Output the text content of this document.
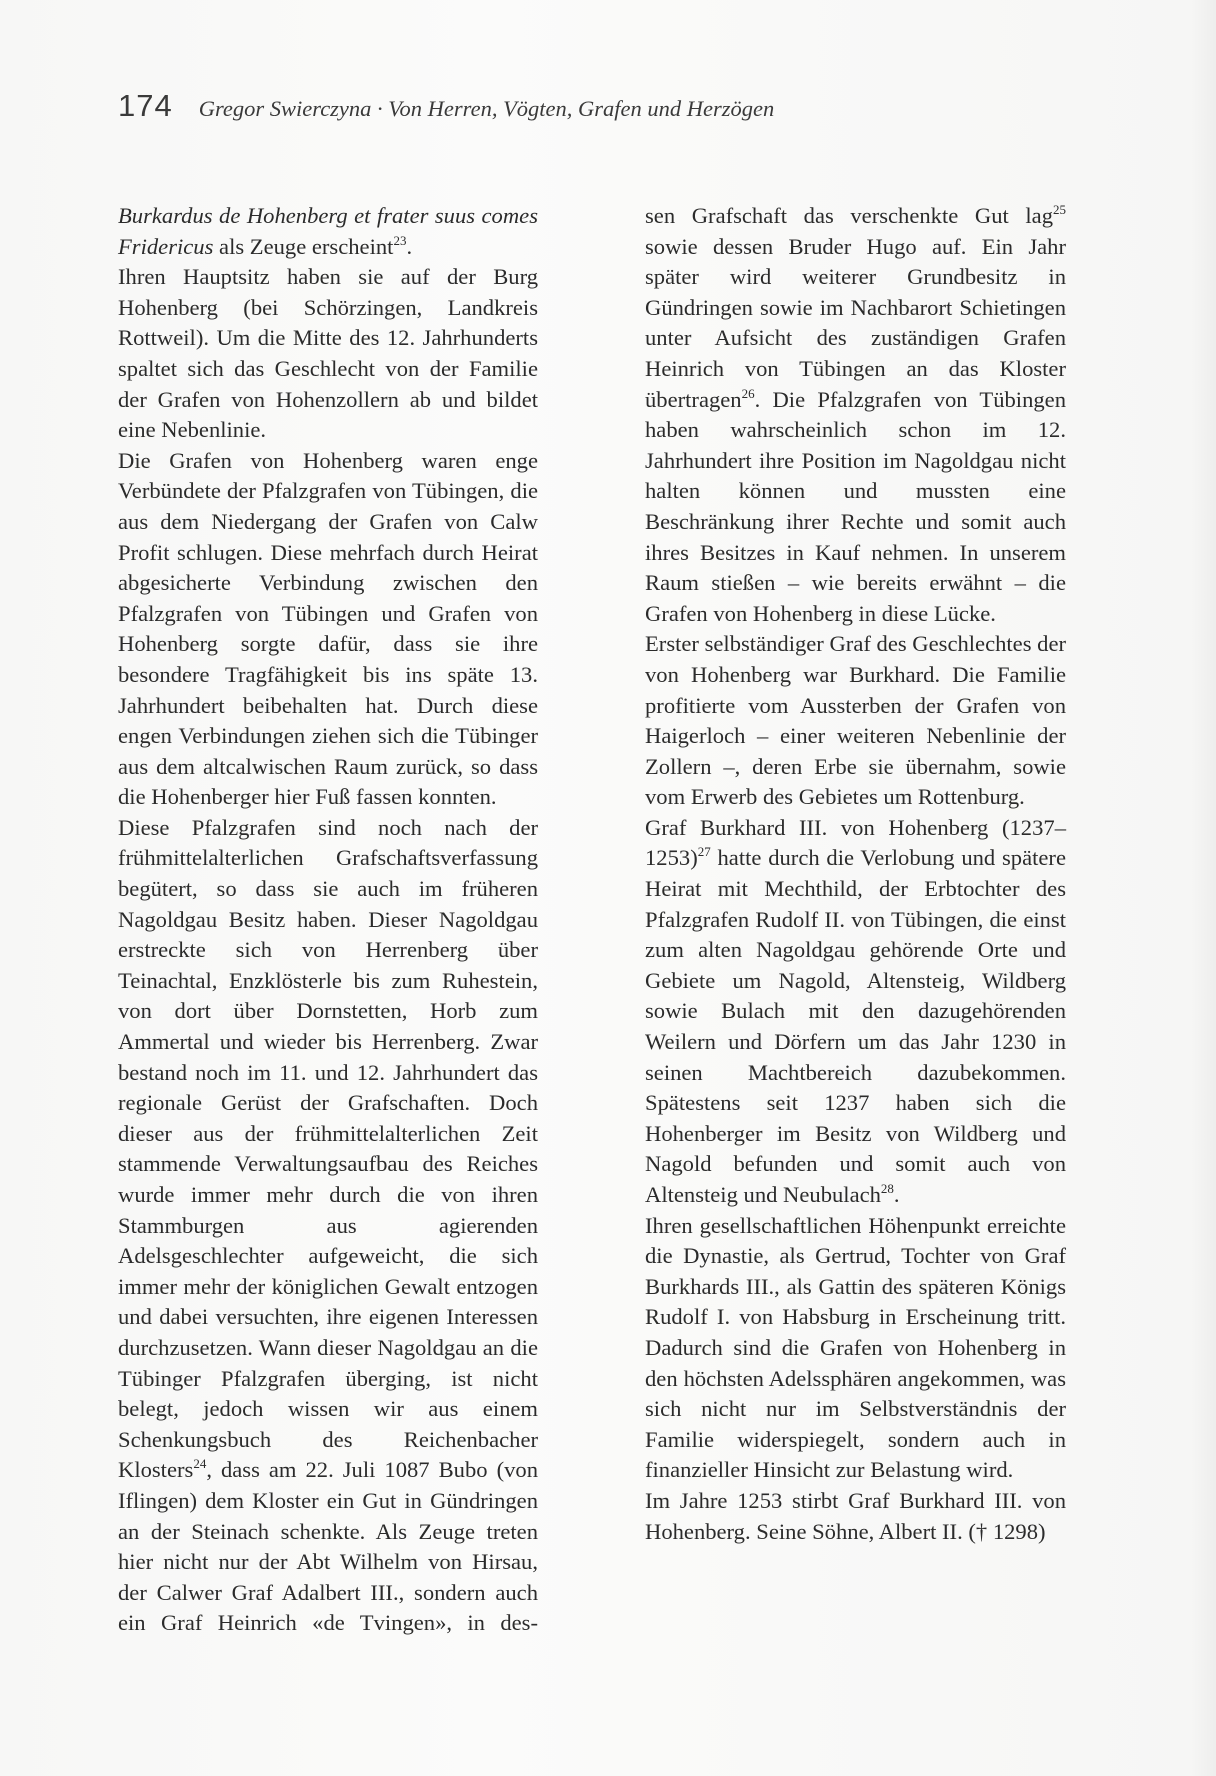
174 Gregor Swierczyna · Von Herren, Vögten, Grafen und Herzögen

Burkardus de Hohenberg et frater suus comes Fridericus als Zeuge erscheint$^{23}$.

Ihren Hauptsitz haben sie auf der Burg Hohenberg (bei Schörzingen, Landkreis Rottweil). Um die Mitte des 12. Jahrhunderts spaltet sich das Geschlecht von der Familie der Grafen von Hohenzollern ab und bildet eine Nebenlinie.

Die Grafen von Hohenberg waren enge Verbündete der Pfalzgrafen von Tübingen, die aus dem Niedergang der Grafen von Calw Profit schlugen. Diese mehrfach durch Heirat abgesicherte Verbindung zwischen den Pfalzgrafen von Tübingen und Grafen von Hohenberg sorgte dafür, dass sie ihre besondere Tragfähigkeit bis ins späte 13. Jahrhundert beibehalten hat. Durch diese engen Verbindungen ziehen sich die Tübinger aus dem altcalwischen Raum zurück, so dass die Hohenberger hier Fuß fassen konnten.

Diese Pfalzgrafen sind noch nach der frühmittelalterlichen Grafschaftsverfassung begütert, so dass sie auch im früheren Nagoldgau Besitz haben. Dieser Nagoldgau erstreckte sich von Herrenberg über Teinachtal, Enzklösterle bis zum Ruhestein, von dort über Dornstetten, Horb zum Ammertal und wieder bis Herrenberg. Zwar bestand noch im 11. und 12. Jahrhundert das regionale Gerüst der Grafschaften. Doch dieser aus der frühmittelalterlichen Zeit stammende Verwaltungsaufbau des Reiches wurde immer mehr durch die von ihren Stammburgen aus agierenden Adelsgeschlechter aufgeweicht, die sich immer mehr der königlichen Gewalt entzogen und dabei versuchten, ihre eigenen Interessen durchzusetzen. Wann dieser Nagoldgau an die Tübinger Pfalzgrafen überging, ist nicht belegt, jedoch wissen wir aus einem Schenkungsbuch des Reichenbacher Klosters$^{24}$, dass am 22. Juli 1087 Bubo (von Iflingen) dem Kloster ein Gut in Gündringen an der Steinach schenkte. Als Zeuge treten hier nicht nur der Abt Wilhelm von Hirsau, der Calwer Graf Adalbert III., sondern auch ein Graf Heinrich «de Tvingen», in des-

sen Grafschaft das verschenkte Gut lag$^{25}$ sowie dessen Bruder Hugo auf. Ein Jahr später wird weiterer Grundbesitz in Gündringen sowie im Nachbarort Schietingen unter Aufsicht des zuständigen Grafen Heinrich von Tübingen an das Kloster übertragen$^{26}$. Die Pfalzgrafen von Tübingen haben wahrscheinlich schon im 12. Jahrhundert ihre Position im Nagoldgau nicht halten können und mussten eine Beschränkung ihrer Rechte und somit auch ihres Besitzes in Kauf nehmen. In unserem Raum stießen – wie bereits erwähnt – die Grafen von Hohenberg in diese Lücke.

Erster selbständiger Graf des Geschlechtes der von Hohenberg war Burkhard. Die Familie profitierte vom Aussterben der Grafen von Haigerloch – einer weiteren Nebenlinie der Zollern –, deren Erbe sie übernahm, sowie vom Erwerb des Gebietes um Rottenburg.

Graf Burkhard III. von Hohenberg (1237–1253)$^{27}$ hatte durch die Verlobung und spätere Heirat mit Mechthild, der Erbtochter des Pfalzgrafen Rudolf II. von Tübingen, die einst zum alten Nagoldgau gehörende Orte und Gebiete um Nagold, Altensteig, Wildberg sowie Bulach mit den dazugehörenden Weilern und Dörfern um das Jahr 1230 in seinen Machtbereich dazubekommen. Spätestens seit 1237 haben sich die Hohenberger im Besitz von Wildberg und Nagold befunden und somit auch von Altensteig und Neubulach$^{28}$.

Ihren gesellschaftlichen Höhenpunkt erreichte die Dynastie, als Gertrud, Tochter von Graf Burkhards III., als Gattin des späteren Königs Rudolf I. von Habsburg in Erscheinung tritt. Dadurch sind die Grafen von Hohenberg in den höchsten Adelssphären angekommen, was sich nicht nur im Selbstverständnis der Familie widerspiegelt, sondern auch in finanzieller Hinsicht zur Belastung wird.

Im Jahre 1253 stirbt Graf Burkhard III. von Hohenberg. Seine Söhne, Albert II. († 1298)
